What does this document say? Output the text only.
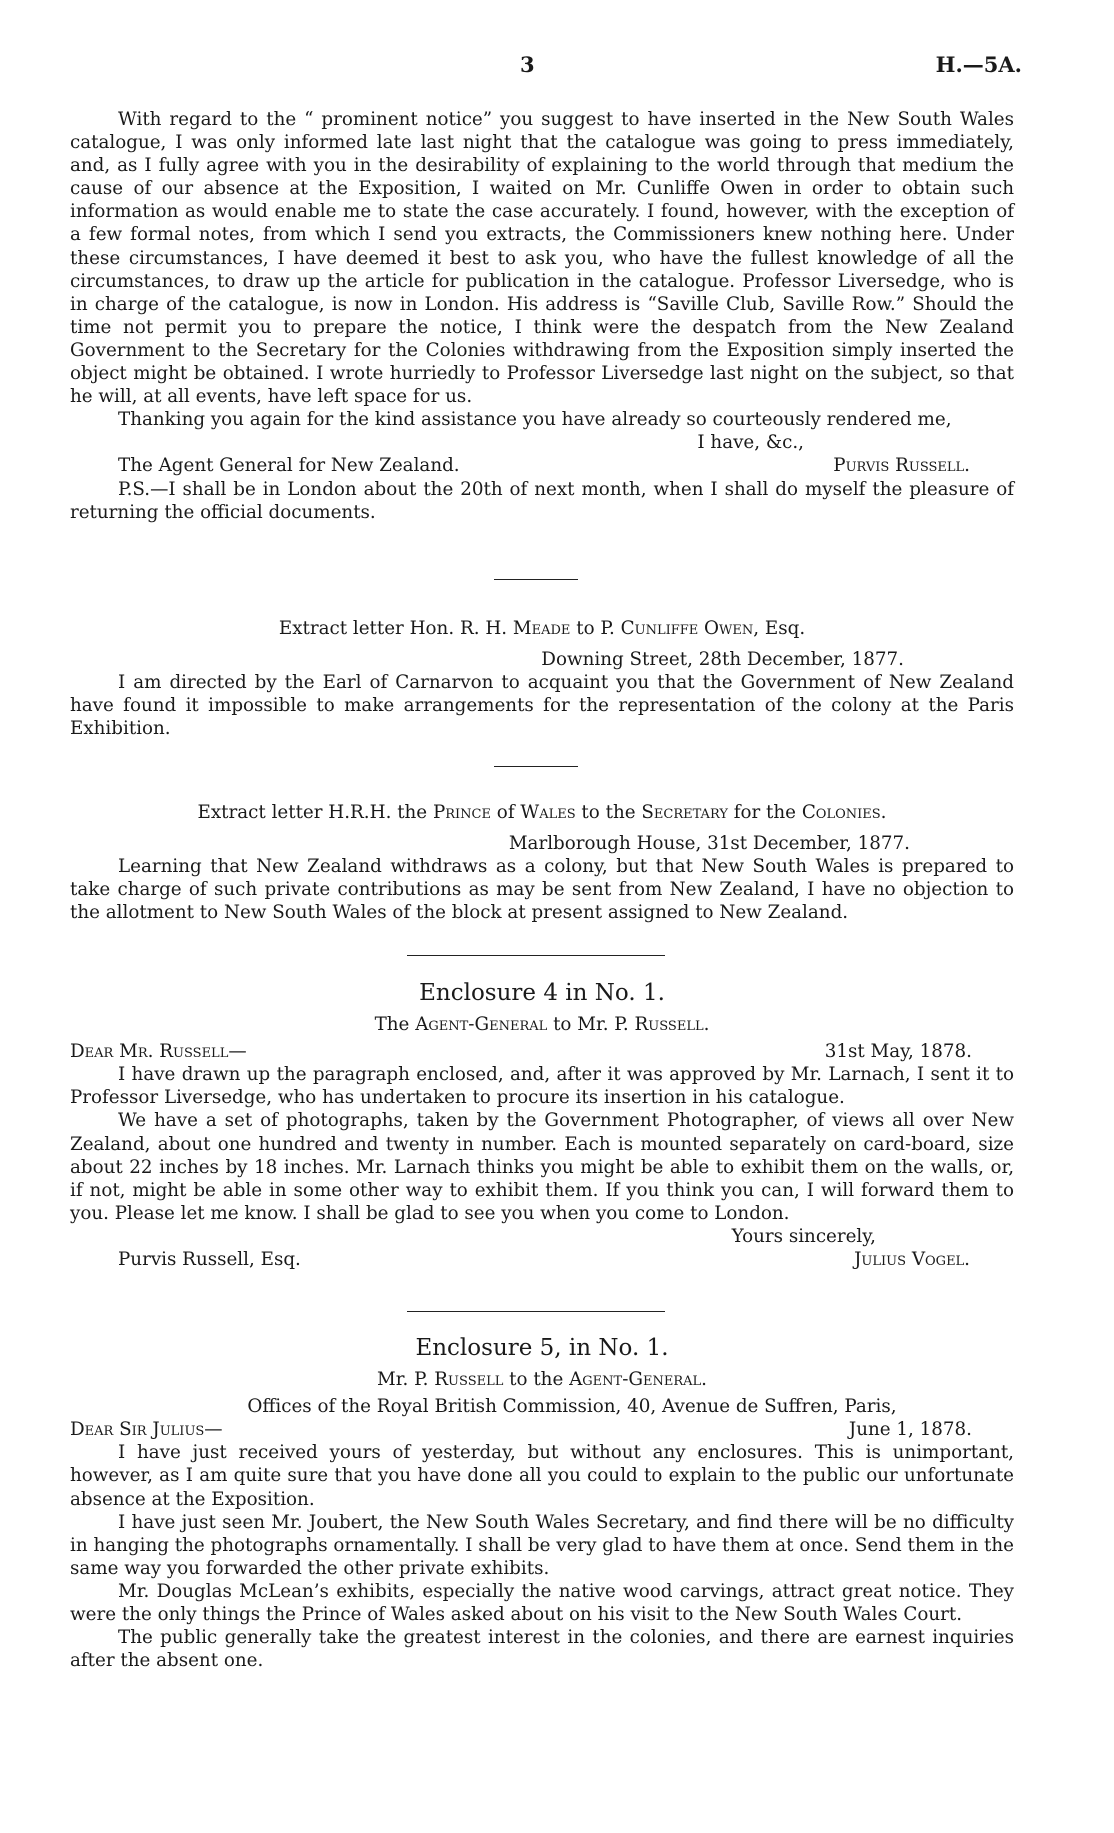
3	H.—5A.

With regard to the “ prominent notice” you suggest to have inserted in the New South Wales catalogue, I was only informed late last night that the catalogue was going to press immediately, and, as I fully agree with you in the desirability of explaining to the world through that medium the cause of our absence at the Exposition, I waited on Mr. Cunliffe Owen in order to obtain such information as would enable me to state the case accurately. I found, however, with the exception of a few formal notes, from which I send you extracts, the Commissioners knew nothing here. Under these circumstances, I have deemed it best to ask you, who have the fullest knowledge of all the circumstances, to draw up the article for publication in the catalogue. Professor Liversedge, who is in charge of the catalogue, is now in London. His address is “Saville Club, Saville Row.” Should the time not permit you to prepare the notice, I think were the despatch from the New Zealand Government to the Secretary for the Colonies withdrawing from the Exposition simply inserted the object might be obtained. I wrote hurriedly to Professor Liversedge last night on the subject, so that he will, at all events, have left space for us.

Thanking you again for the kind assistance you have already so courteously rendered me,

I have, &c.,

The Agent General for New Zealand.	Purvis Russell.

P.S.—I shall be in London about the 20th of next month, when I shall do myself the pleasure of returning the official documents.

Extract letter Hon. R. H. Meade to P. Cunliffe Owen, Esq.

Downing Street, 28th December, 1877.

I am directed by the Earl of Carnarvon to acquaint you that the Government of New Zealand have found it impossible to make arrangements for the representation of the colony at the Paris Exhibition.

Extract letter H.R.H. the Prince of Wales to the Secretary for the Colonies.

Marlborough House, 31st December, 1877.

Learning that New Zealand withdraws as a colony, but that New South Wales is prepared to take charge of such private contributions as may be sent from New Zealand, I have no objection to the allotment to New South Wales of the block at present assigned to New Zealand.

Enclosure 4 in No. 1.

The Agent-General to Mr. P. Russell.

Dear Mr. Russell—	31st May, 1878.

I have drawn up the paragraph enclosed, and, after it was approved by Mr. Larnach, I sent it to Professor Liversedge, who has undertaken to procure its insertion in his catalogue.

We have a set of photographs, taken by the Government Photographer, of views all over New Zealand, about one hundred and twenty in number. Each is mounted separately on card-board, size about 22 inches by 18 inches. Mr. Larnach thinks you might be able to exhibit them on the walls, or, if not, might be able in some other way to exhibit them. If you think you can, I will forward them to you. Please let me know. I shall be glad to see you when you come to London.

Yours sincerely,

Purvis Russell, Esq.	Julius Vogel.
Enclosure 5, in No. 1.

Mr. P. Russell to the Agent-General.

Offices of the Royal British Commission, 40, Avenue de Suffren, Paris,

Dear Sir Julius—	June 1, 1878.

I have just received yours of yesterday, but without any enclosures. This is unimportant, however, as I am quite sure that you have done all you could to explain to the public our unfortunate absence at the Exposition.

I have just seen Mr. Joubert, the New South Wales Secretary, and find there will be no difficulty in hanging the photographs ornamentally. I shall be very glad to have them at once. Send them in the same way you forwarded the other private exhibits.

Mr. Douglas McLean’s exhibits, especially the native wood carvings, attract great notice. They were the only things the Prince of Wales asked about on his visit to the New South Wales Court.

The public generally take the greatest interest in the colonies, and there are earnest inquiries after the absent one.
